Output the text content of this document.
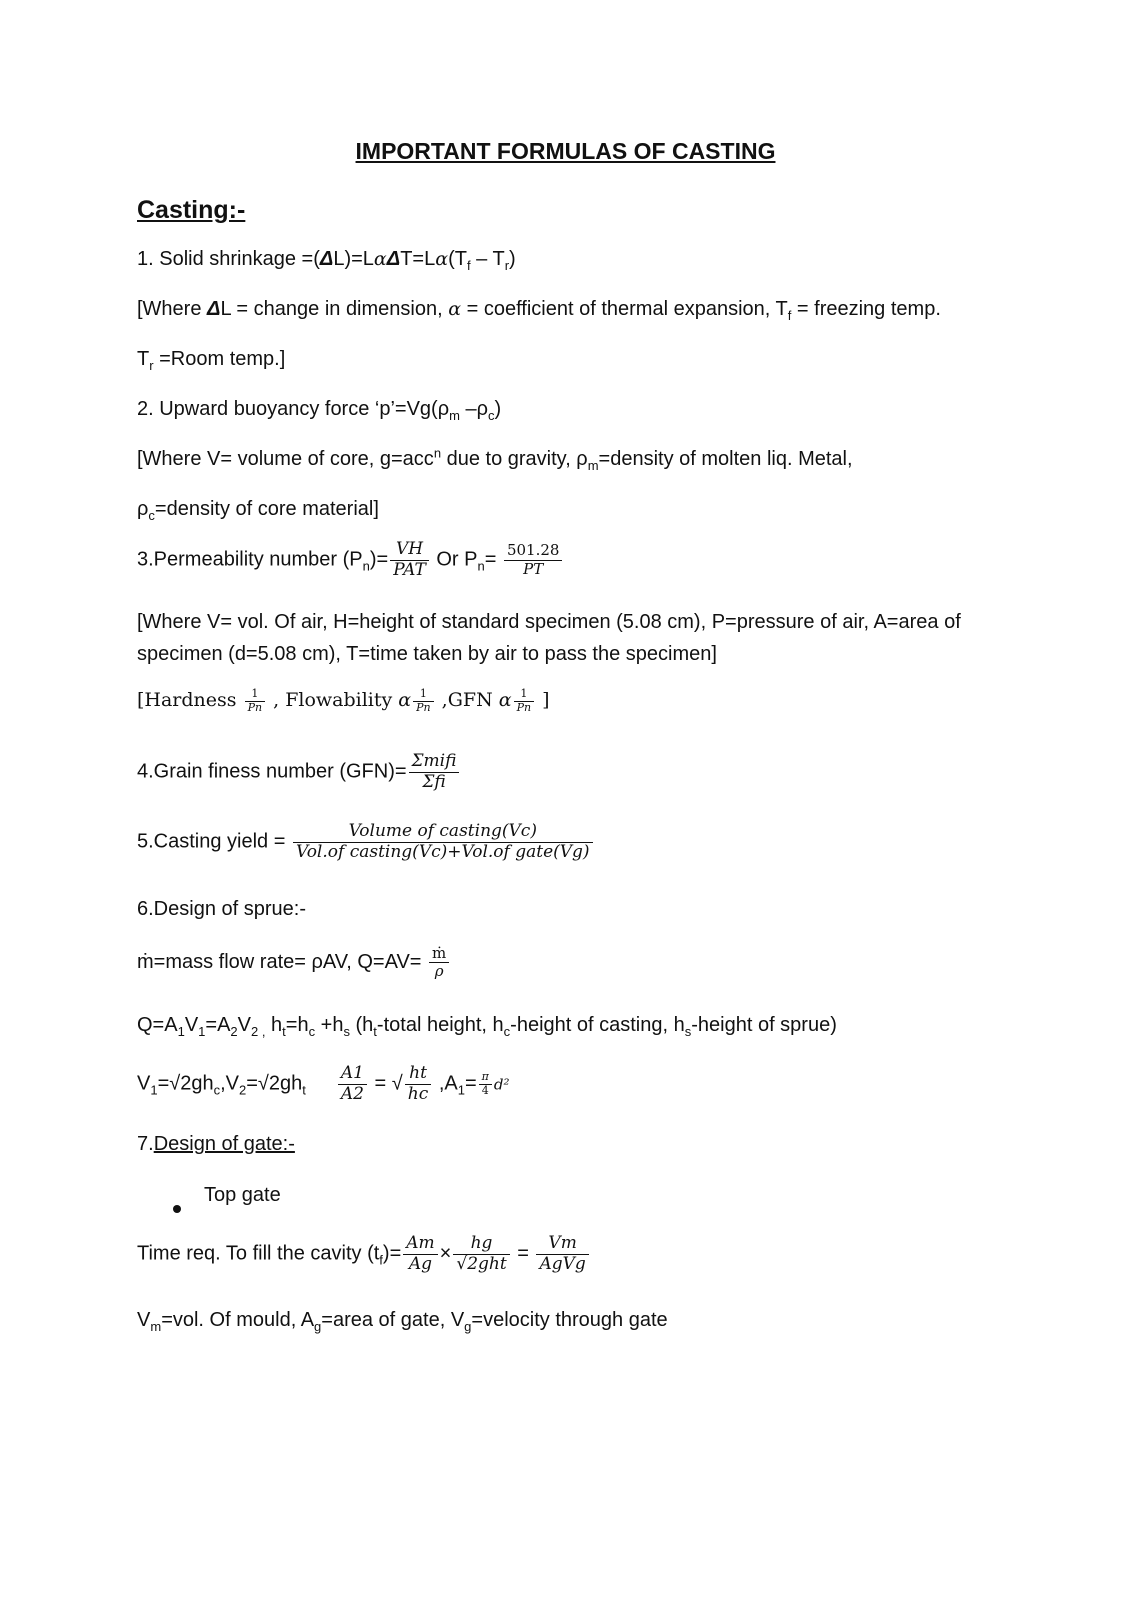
IMPORTANT FORMULAS OF CASTING
Casting:-
1. Solid shrinkage $=(\Delta L)=L\alpha\Delta T=L\alpha(T_f - T_r)$
[Where ΔL = change in dimension, α = coefficient of thermal expansion, $T_f$ = freezing temp.
$T_r$ =Room temp.]
2. Upward buoyancy force ‘$p’=Vg(\rho_m$ $-\rho_c$)
[Where V= volume of core, g=acc$^n$ due to gravity, $\rho_m=density$ of molten liq. Metal,
$\rho_c=density$ of core material]
3.Permeability number $(P_n)= \frac{VH}{\text{PAT}}$ Or $P_n= \frac{501.28}{PT}$
[Where V= vol. Of air, H=height of standard specimen (5.08 cm), P=pressure of air, A=area of
specimen (d=5.08 cm), T=time taken by air to pass the specimen]
[Hardness $\frac{1}{Pn}$ , Flowability α $\frac{1}{Pn} ,GFN$ α $\frac{1}{Pn}$ ]
4.Grain finess number $(GFN)= \frac{\text{Σmifi}}{\text{Σfi}}$
5.Casting yield = $\frac{\text{Volume of casting(Vc)}}{\text{Vol.of casting(Vc)+Vol.of gate(Vg)}}$
6.Design of sprue:-
ṁ=mass flow rate= ρAV, $Q=AV= \frac{\text{ṁ}}{\rho}$
$Q=A_1V_1=A_2V_{2 ,}$ $h_t=h_c +h_s$ ($h_t$-total height, $h_c$-height of casting, $h_s$-height of sprue)
$V_1=√2gh_c,V_2=√2gh_t \frac{A1}{A2}$ = √ $\frac{ht}{hc} ,A_1= \frac{\pi}{4} d^2$
7.Design of gate:-
Top gate
Time req. To fill the cavity $(t_f)= \frac{Am}{Ag} \times \frac{hg}{\text{√2ght}} = \frac{Vm}{\text{AgVg}}$
$V_m=vol$. Of mould, $A_g=area$ of gate, $V_g=velocity$ through gate
